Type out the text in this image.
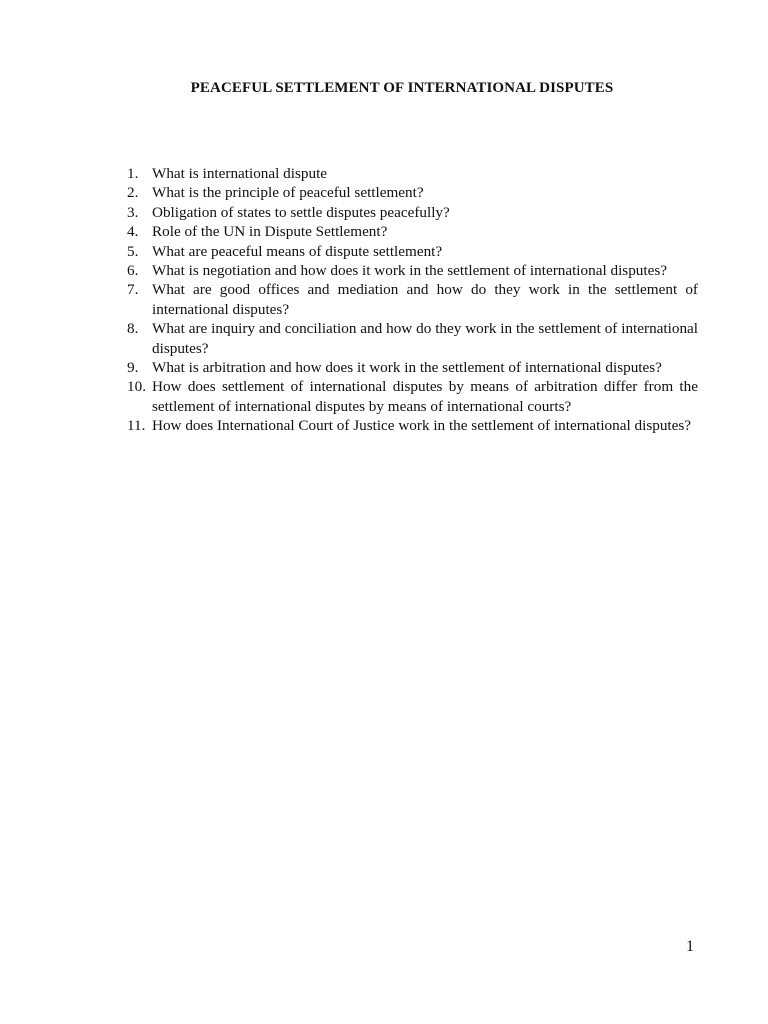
PEACEFUL SETTLEMENT OF INTERNATIONAL DISPUTES
1. What is international dispute
2. What is the principle of peaceful settlement?
3. Obligation of states to settle disputes peacefully?
4. Role of the UN in Dispute Settlement?
5. What are peaceful means of dispute settlement?
6. What is negotiation and how does it work in the settlement of international disputes?
7. What are good offices and mediation and how do they work in the settlement of international disputes?
8. What are inquiry and conciliation and how do they work in the settlement of international disputes?
9. What is arbitration and how does it work in the settlement of international disputes?
10. How does settlement of international disputes by means of arbitration differ from the settlement of international disputes by means of international courts?
11. How does International Court of Justice work in the settlement of international disputes?
1
